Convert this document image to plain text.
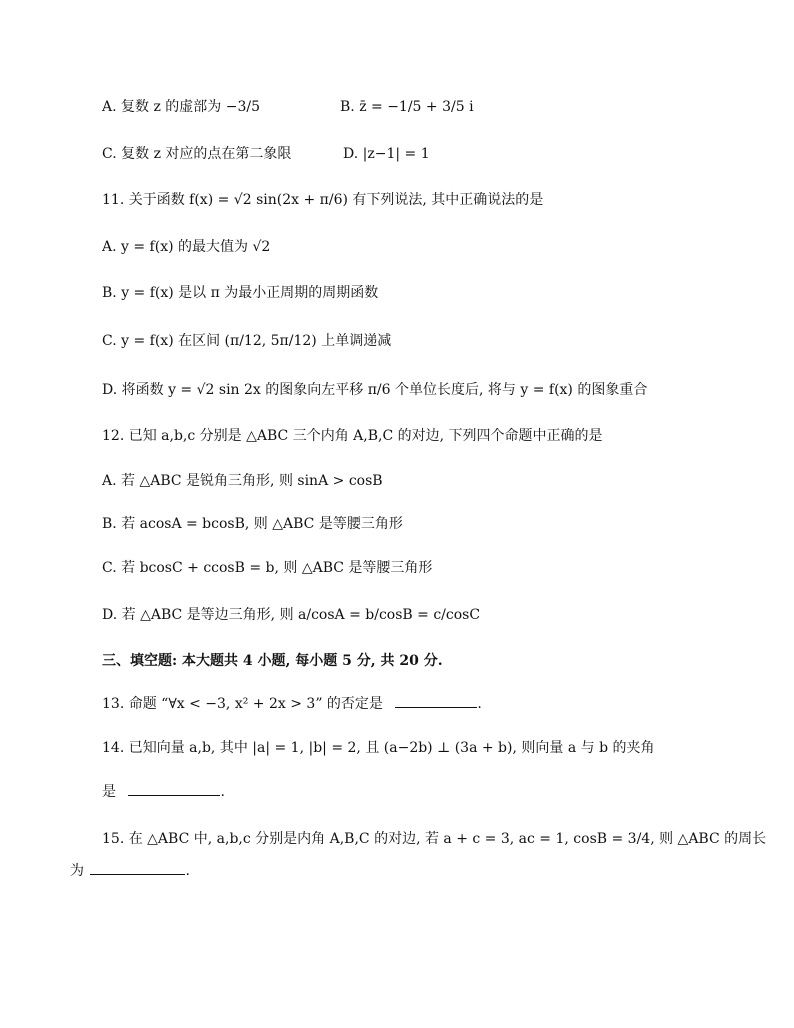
A. 复数 z 的虚部为 −3/5	B. z̄ = −1/5 + 3/5 i
C. 复数 z 对应的点在第二象限	D. |z−1| = 1
11. 关于函数 f(x) = √2 sin(2x + π/6) 有下列说法, 其中正确说法的是
A. y = f(x) 的最大值为 √2
B. y = f(x) 是以 π 为最小正周期的周期函数
C. y = f(x) 在区间 (π/12, 5π/12) 上单调递减
D. 将函数 y = √2 sin 2x 的图象向左平移 π/6 个单位长度后, 将与 y = f(x) 的图象重合
12. 已知 a,b,c 分别是 △ABC 三个内角 A,B,C 的对边, 下列四个命题中正确的是
A. 若 △ABC 是锐角三角形, 则 sinA > cosB
B. 若 acosA = bcosB, 则 △ABC 是等腰三角形
C. 若 bcosC + ccosB = b, 则 △ABC 是等腰三角形
D. 若 △ABC 是等边三角形, 则 a/cosA = b/cosB = c/cosC
三、填空题: 本大题共 4 小题, 每小题 5 分, 共 20 分.
13. 命题 “∀x < −3, x² + 2x > 3” 的否定是	.
14. 已知向量 a,b, 其中 |a| = 1, |b| = 2, 且 (a−2b) ⊥ (3a + b), 则向量 a 与 b 的夹角
是	.
15. 在 △ABC 中, a,b,c 分别是内角 A,B,C 的对边, 若 a + c = 3, ac = 1, cosB = 3/4, 则 △ABC 的周长
为	.
